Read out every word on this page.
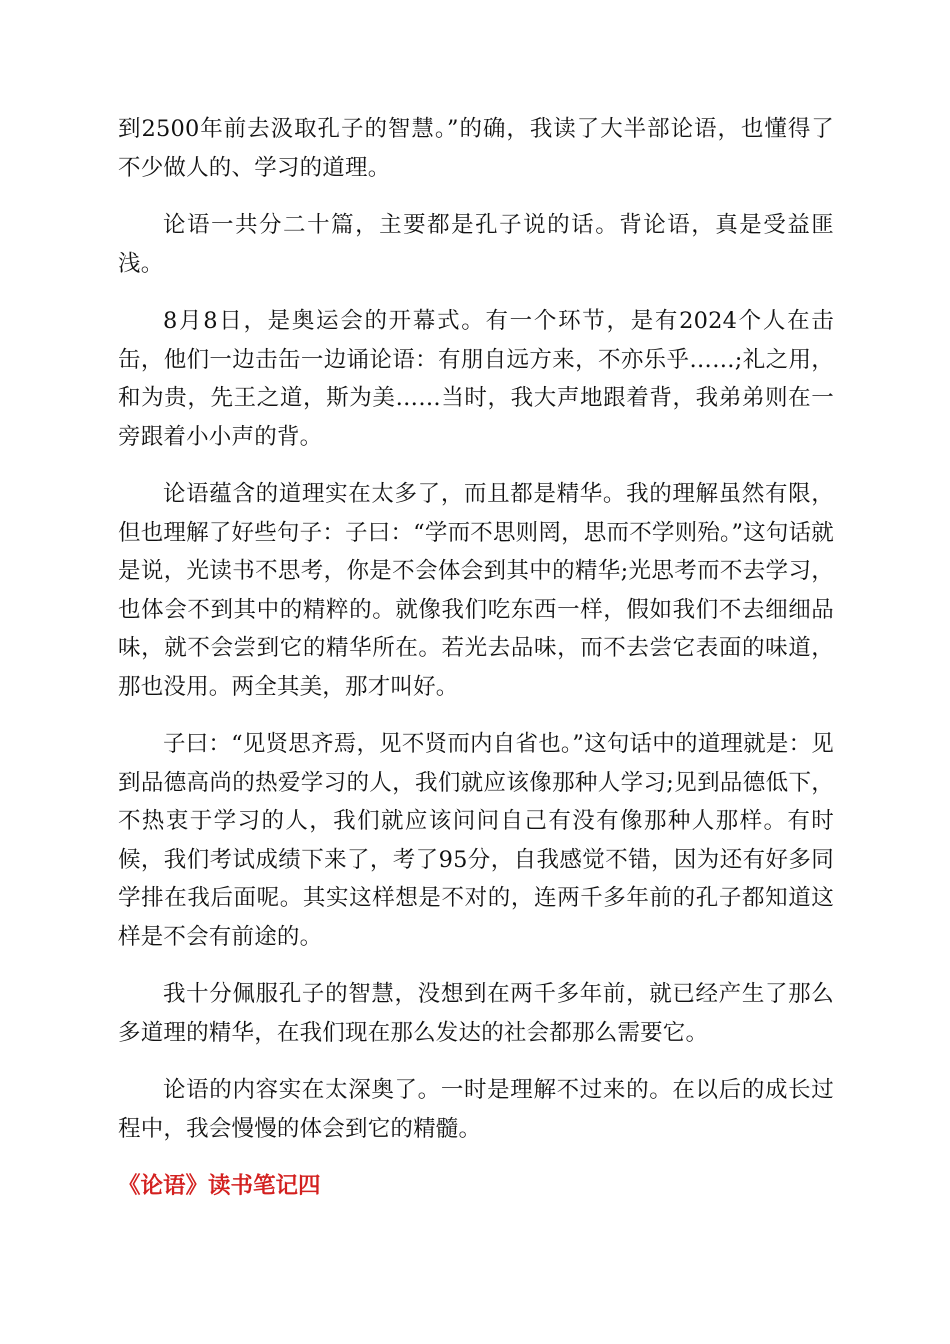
到2500年前去汲取孔子的智慧。”的确，我读了大半部论语，也懂得了不少做人的、学习的道理。

论语一共分二十篇，主要都是孔子说的话。背论语，真是受益匪浅。

8月8日，是奥运会的开幕式。有一个环节，是有2024个人在击缶，他们一边击缶一边诵论语：有朋自远方来，不亦乐乎……;礼之用，和为贵，先王之道，斯为美……当时，我大声地跟着背，我弟弟则在一旁跟着小小声的背。

论语蕴含的道理实在太多了，而且都是精华。我的理解虽然有限，但也理解了好些句子：子曰：“学而不思则罔，思而不学则殆。”这句话就是说，光读书不思考，你是不会体会到其中的精华;光思考而不去学习，也体会不到其中的精粹的。就像我们吃东西一样，假如我们不去细细品味，就不会尝到它的精华所在。若光去品味，而不去尝它表面的味道，那也没用。两全其美，那才叫好。

子曰：“见贤思齐焉，见不贤而内自省也。”这句话中的道理就是：见到品德高尚的热爱学习的人，我们就应该像那种人学习;见到品德低下，不热衷于学习的人，我们就应该问问自己有没有像那种人那样。有时候，我们考试成绩下来了，考了95分，自我感觉不错，因为还有好多同学排在我后面呢。其实这样想是不对的，连两千多年前的孔子都知道这样是不会有前途的。

我十分佩服孔子的智慧，没想到在两千多年前，就已经产生了那么多道理的精华，在我们现在那么发达的社会都那么需要它。

论语的内容实在太深奥了。一时是理解不过来的。在以后的成长过程中，我会慢慢的体会到它的精髓。

《论语》读书笔记四
